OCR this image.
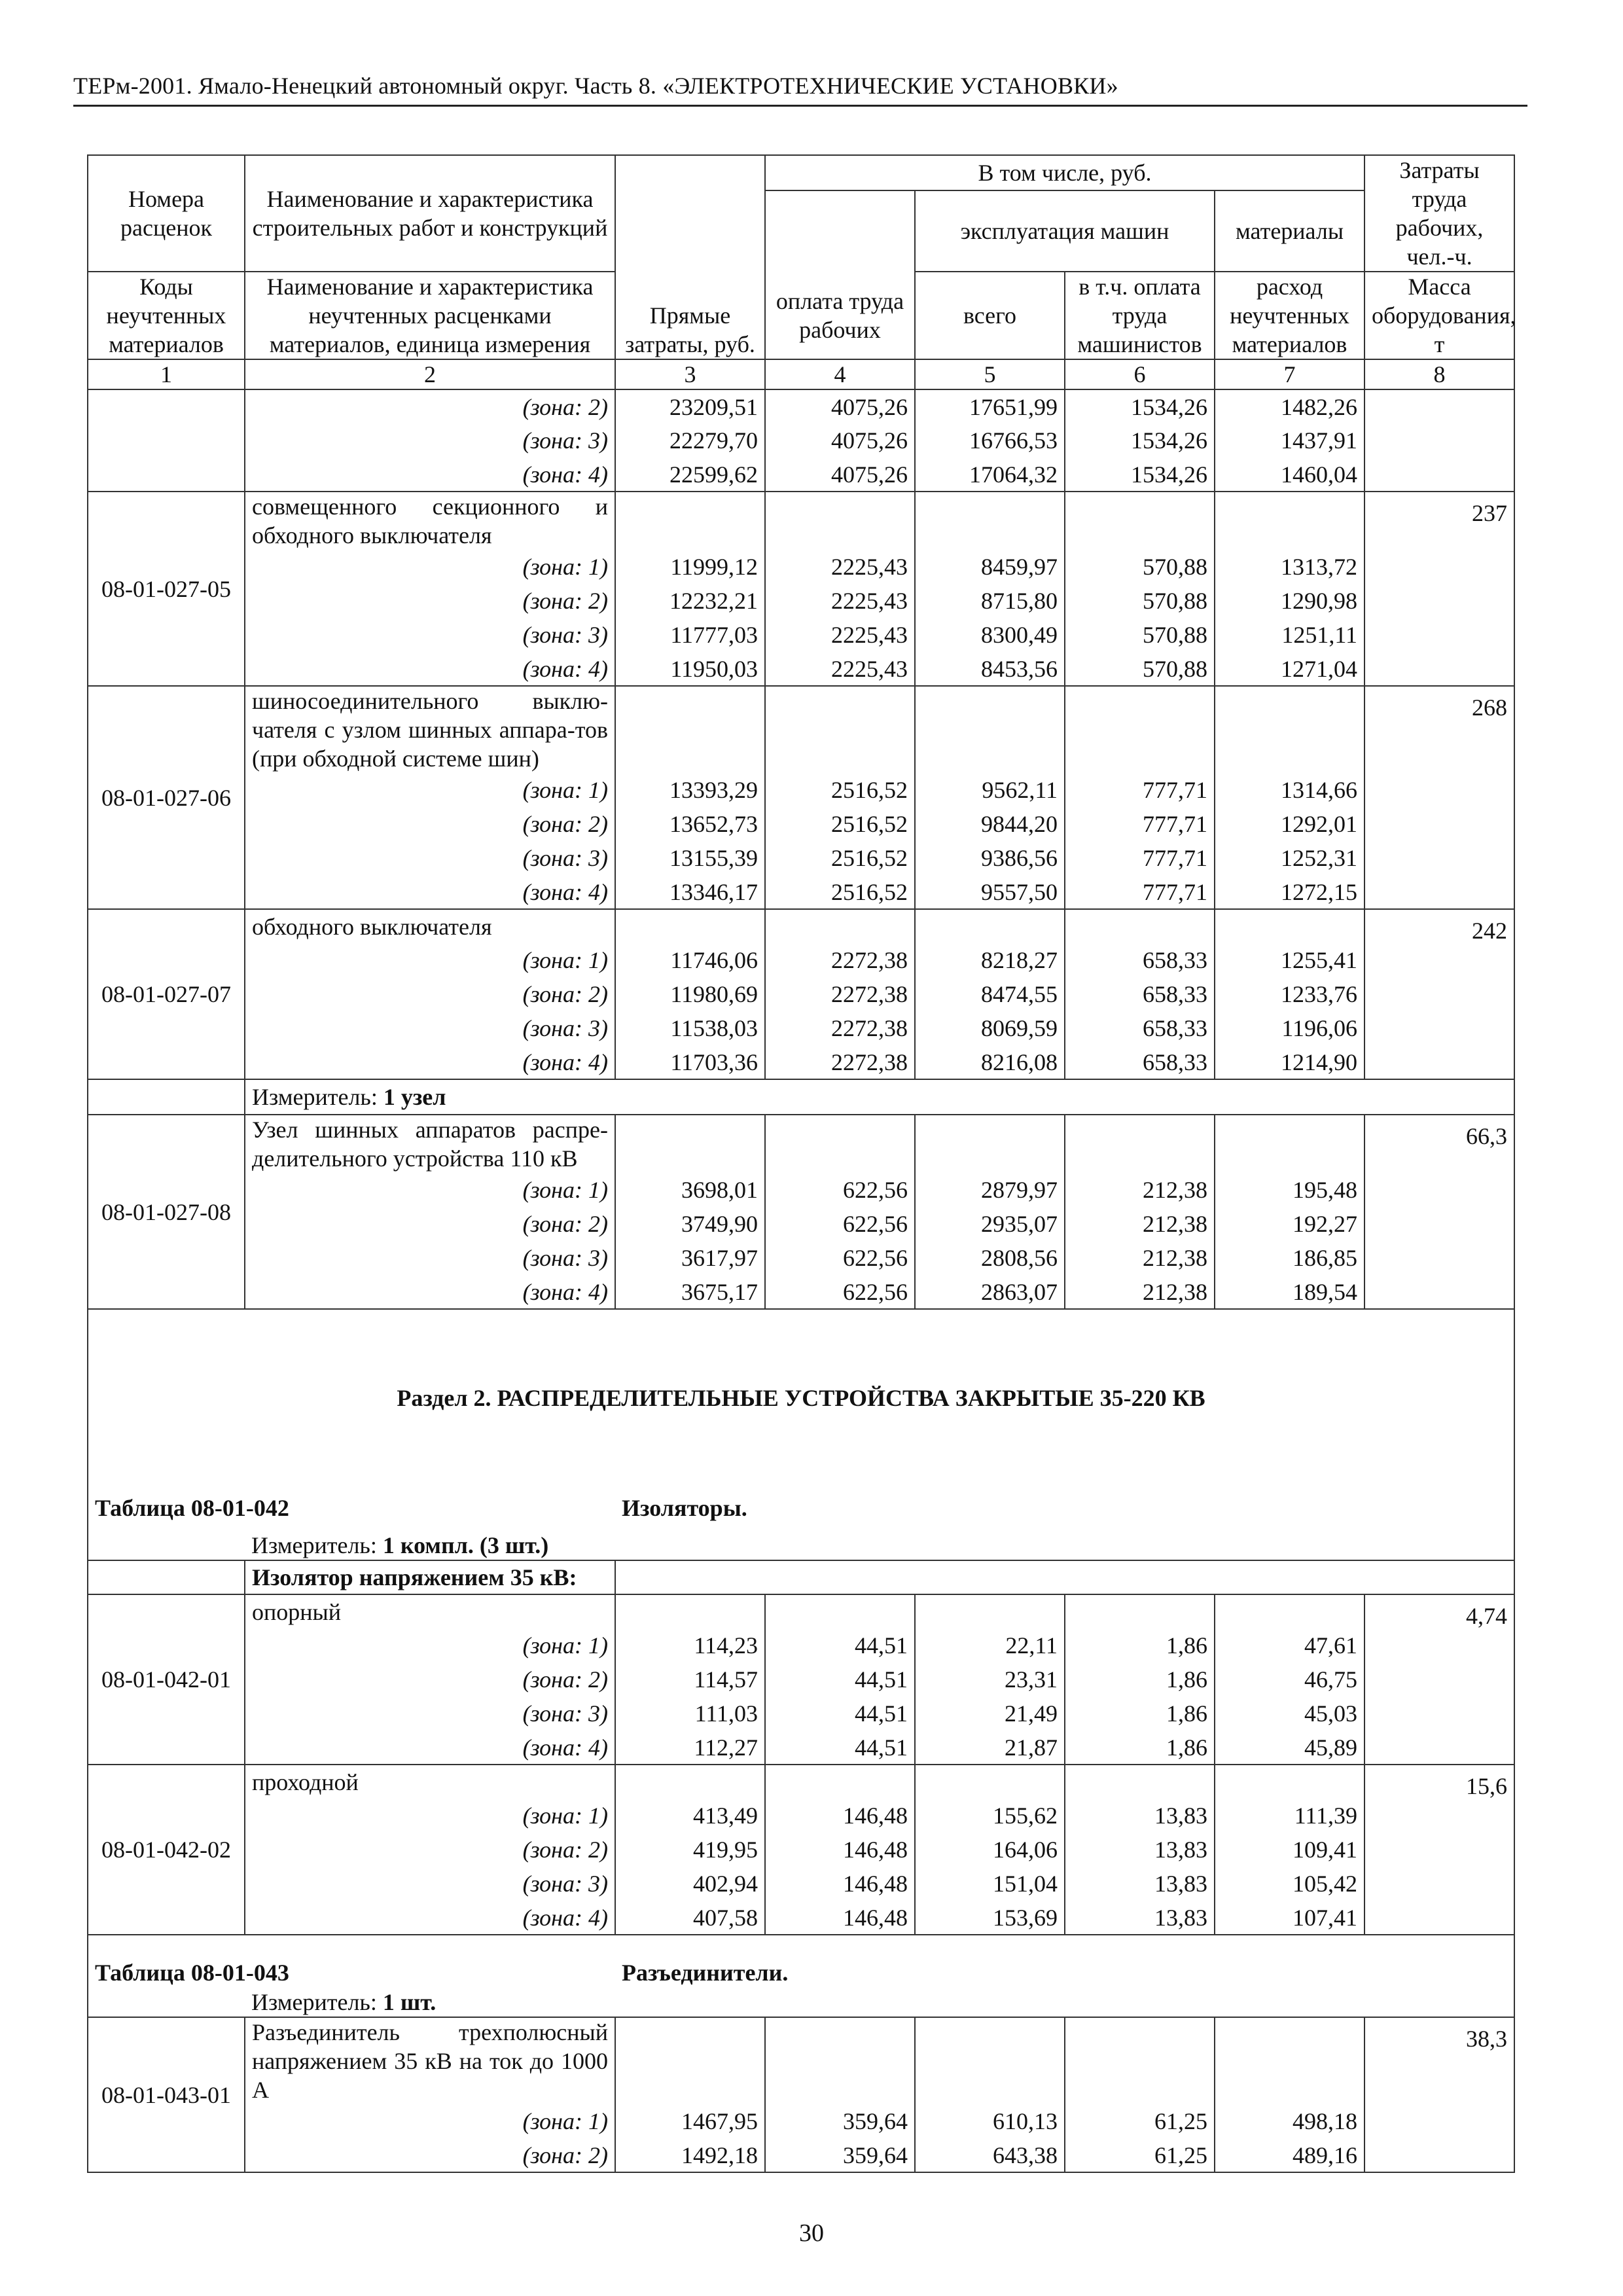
ТЕРм-2001. Ямало-Ненецкий автономный округ. Часть 8. «ЭЛЕКТРОТЕХНИЧЕСКИЕ УСТАНОВКИ»
Номера расценок	Наименование и характеристика строительных работ и конструкций	Прямые затраты, руб.	В том числе, руб.				Затраты труда рабочих, чел.-ч.
				эксплуатация машин		материалы	

Коды неучтенных материалов	Наименование и характеристика неучтенных расценками материалов, единица измерения		оплата труда рабочих	всего	в т.ч. оплата труда машинистов	расход неучтенных материалов	Масса оборудования, т
1	2	3	4	5	6	7	8
	(зона: 2)	23209,51	4075,26	17651,99	1534,26	1482,26	
	(зона: 3)	22279,70	4075,26	16766,53	1534,26	1437,91	
	(зона: 4)	22599,62	4075,26	17064,32	1534,26	1460,04	
08-01-027-05	совмещенного секционного и обходного выключателя						237
	(зона: 1)	11999,12	2225,43	8459,97	570,88	1313,72	
	(зона: 2)	12232,21	2225,43	8715,80	570,88	1290,98	
	(зона: 3)	11777,03	2225,43	8300,49	570,88	1251,11	
	(зона: 4)	11950,03	2225,43	8453,56	570,88	1271,04	
08-01-027-06	шиносоединительного выклю-чателя с узлом шинных аппара-тов (при обходной системе шин)						268
	(зона: 1)	13393,29	2516,52	9562,11	777,71	1314,66	
	(зона: 2)	13652,73	2516,52	9844,20	777,71	1292,01	
	(зона: 3)	13155,39	2516,52	9386,56	777,71	1252,31	
	(зона: 4)	13346,17	2516,52	9557,50	777,71	1272,15	
08-01-027-07	обходного выключателя						242
	(зона: 1)	11746,06	2272,38	8218,27	658,33	1255,41	
	(зона: 2)	11980,69	2272,38	8474,55	658,33	1233,76	
	(зона: 3)	11538,03	2272,38	8069,59	658,33	1196,06	
	(зона: 4)	11703,36	2272,38	8216,08	658,33	1214,90	
	Измеритель: 1 узел						
08-01-027-08	Узел шинных аппаратов распре-делительного устройства 110 кВ						66,3
	(зона: 1)	3698,01	622,56	2879,97	212,38	195,48	
	(зона: 2)	3749,90	622,56	2935,07	212,38	192,27	
	(зона: 3)	3617,97	622,56	2808,56	212,38	186,85	
	(зона: 4)	3675,17	622,56	2863,07	212,38	189,54	
Раздел 2. РАСПРЕДЕЛИТЕЛЬНЫЕ УСТРОЙСТВА ЗАКРЫТЫЕ 35-220 КВ							
Таблица 08-01-042		Изоляторы.					
	Измеритель: 1 компл. (3 шт.)						
	Изолятор напряжением 35 кВ:						
08-01-042-01	опорный						4,74
	(зона: 1)	114,23	44,51	22,11	1,86	47,61	
	(зона: 2)	114,57	44,51	23,31	1,86	46,75	
	(зона: 3)	111,03	44,51	21,49	1,86	45,03	
	(зона: 4)	112,27	44,51	21,87	1,86	45,89	
08-01-042-02	проходной						15,6
	(зона: 1)	413,49	146,48	155,62	13,83	111,39	
	(зона: 2)	419,95	146,48	164,06	13,83	109,41	
	(зона: 3)	402,94	146,48	151,04	13,83	105,42	
	(зона: 4)	407,58	146,48	153,69	13,83	107,41	
Таблица 08-01-043		Разъединители.					
	Измеритель: 1 шт.						
08-01-043-01	Разъединитель трехполюсный напряжением 35 кВ на ток до 1000 А						38,3
	(зона: 1)	1467,95	359,64	610,13	61,25	498,18	
	(зона: 2)	1492,18	359,64	643,38	61,25	489,16	
30
